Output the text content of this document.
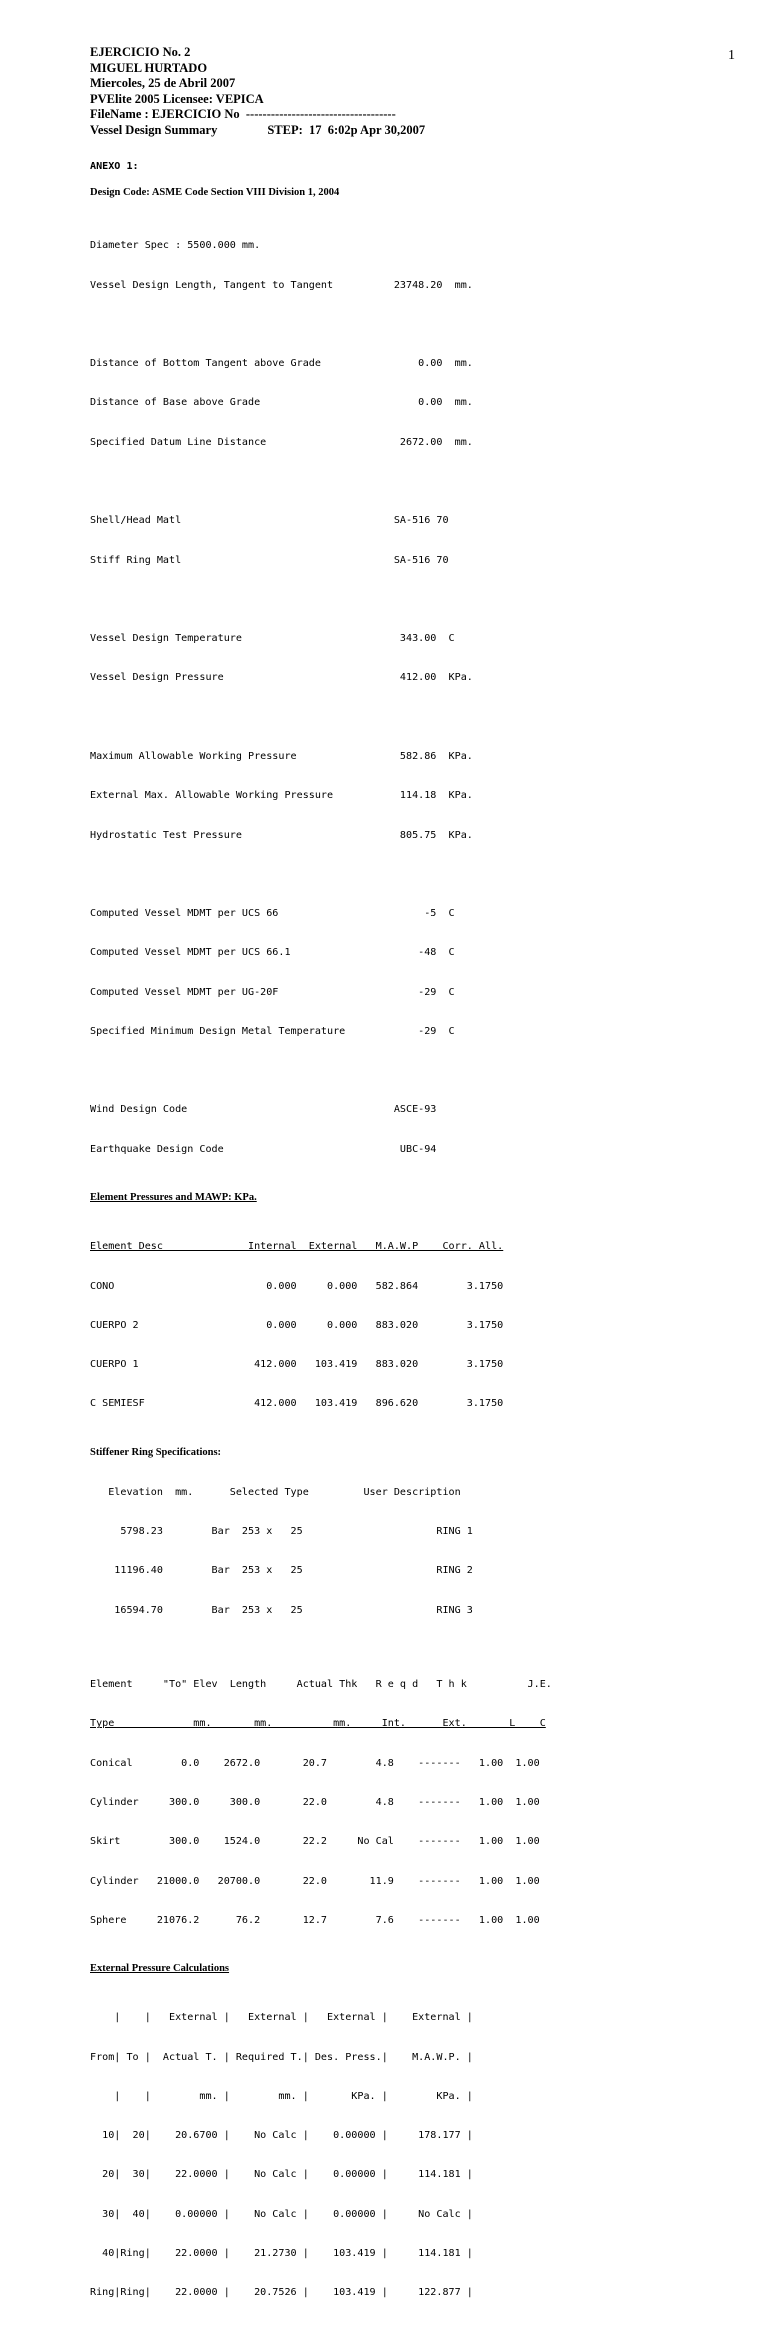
1
EJERCICIO No. 2
MIGUEL HURTADO
Miercoles, 25 de Abril 2007
PVElite 2005 Licensee: VEPICA
FileName : EJERCICIO No  ------------------------------------
Vessel Design Summary	STEP:  17  6:02p Apr 30,2007
ANEXO 1:
Design Code: ASME Code Section VIII Division 1, 2004

Diameter Spec : 5500.000 mm.

Vessel Design Length, Tangent to Tangent          23748.20  mm.

Distance of Bottom Tangent above Grade                0.00  mm.

Distance of Base above Grade                          0.00  mm.

Specified Datum Line Distance                      2672.00  mm.

Shell/Head Matl                                   SA-516 70

Stiff Ring Matl                                   SA-516 70

Vessel Design Temperature                          343.00  C

Vessel Design Pressure                             412.00  KPa.

Maximum Allowable Working Pressure                 582.86  KPa.

External Max. Allowable Working Pressure           114.18  KPa.

Hydrostatic Test Pressure                          805.75  KPa.

Computed Vessel MDMT per UCS 66                        -5  C

Computed Vessel MDMT per UCS 66.1                     -48  C

Computed Vessel MDMT per UG-20F                       -29  C

Specified Minimum Design Metal Temperature            -29  C

Wind Design Code                                  ASCE-93

Earthquake Design Code                             UBC-94

Element Pressures and MAWP: KPa.

Element Desc              Internal  External   M.A.W.P    Corr. All.

CONO                         0.000     0.000   582.864        3.1750

CUERPO 2                     0.000     0.000   883.020        3.1750

CUERPO 1                   412.000   103.419   883.020        3.1750

C SEMIESF                  412.000   103.419   896.620        3.1750

Stiffener Ring Specifications:

Elevation  mm.      Selected Type         User Description

5798.23        Bar  253 x   25                      RING 1

11196.40        Bar  253 x   25                      RING 2

16594.70        Bar  253 x   25                      RING 3

Element     "To" Elev  Length     Actual Thk   R e q d   T h k          J.E.

Type             mm.       mm.          mm.     Int.      Ext.       L    C

Conical        0.0    2672.0       20.7        4.8    -------   1.00  1.00

Cylinder     300.0     300.0       22.0        4.8    -------   1.00  1.00

Skirt        300.0    1524.0       22.2     No Cal    -------   1.00  1.00

Cylinder   21000.0   20700.0       22.0       11.9    -------   1.00  1.00

Sphere     21076.2      76.2       12.7        7.6    -------   1.00  1.00

External Pressure Calculations

|    |   External |   External |   External |    External |

From| To |  Actual T. | Required T.| Des. Press.|    M.A.W.P. |

|    |        mm. |        mm. |       KPa. |        KPa. |

10|  20|    20.6700 |    No Calc |    0.00000 |     178.177 |

20|  30|    22.0000 |    No Calc |    0.00000 |     114.181 |

30|  40|    0.00000 |    No Calc |    0.00000 |     No Calc |

40|Ring|    22.0000 |    21.2730 |    103.419 |     114.181 |

Ring|Ring|    22.0000 |    20.7526 |    103.419 |     122.877 |
